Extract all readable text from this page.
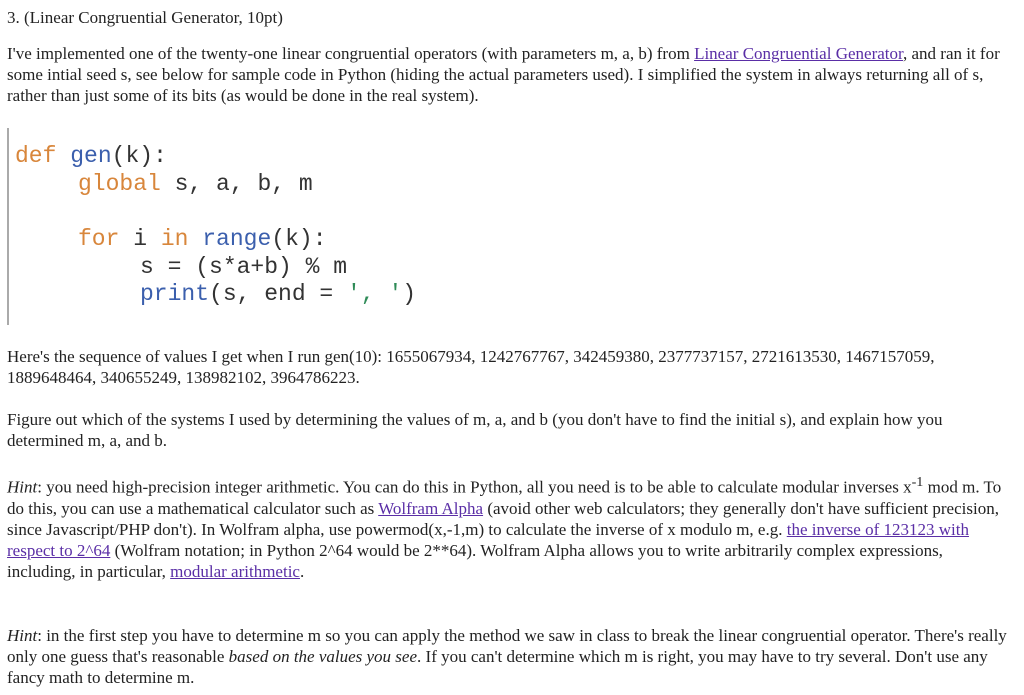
3. (Linear Congruential Generator, 10pt)

I've implemented one of the twenty-one linear congruential operators (with parameters m, a, b) from Linear Congruential Generator, and ran it for some intial seed s, see below for sample code in Python (hiding the actual parameters used). I simplified the system in always returning all of s, rather than just some of its bits (as would be done in the real system).

def gen(k):
global s, a, b, m
for i in range(k):
s = (s*a+b) % m
print(s, end = ', ')

Here's the sequence of values I get when I run gen(10): 1655067934, 1242767767, 342459380, 2377737157, 2721613530, 1467157059, 1889648464, 340655249, 138982102, 3964786223.

Figure out which of the systems I used by determining the values of m, a, and b (you don't have to find the initial s), and explain how you determined m, a, and b.

Hint: you need high-precision integer arithmetic. You can do this in Python, all you need is to be able to calculate modular inverses $x^{-1}$ mod m. To do this, you can use a mathematical calculator such as Wolfram Alpha (avoid other web calculators; they generally don't have sufficient precision, since Javascript/PHP don't). In Wolfram alpha, use powermod(x,-1,m) to calculate the inverse of x modulo m, e.g. the inverse of 123123 with respect to 2^64 (Wolfram notation; in Python 2^64 would be 2**64). Wolfram Alpha allows you to write arbitrarily complex expressions, including, in particular, modular arithmetic.

Hint: in the first step you have to determine m so you can apply the method we saw in class to break the linear congruential operator. There's really only one guess that's reasonable based on the values you see. If you can't determine which m is right, you may have to try several. Don't use any fancy math to determine m.
